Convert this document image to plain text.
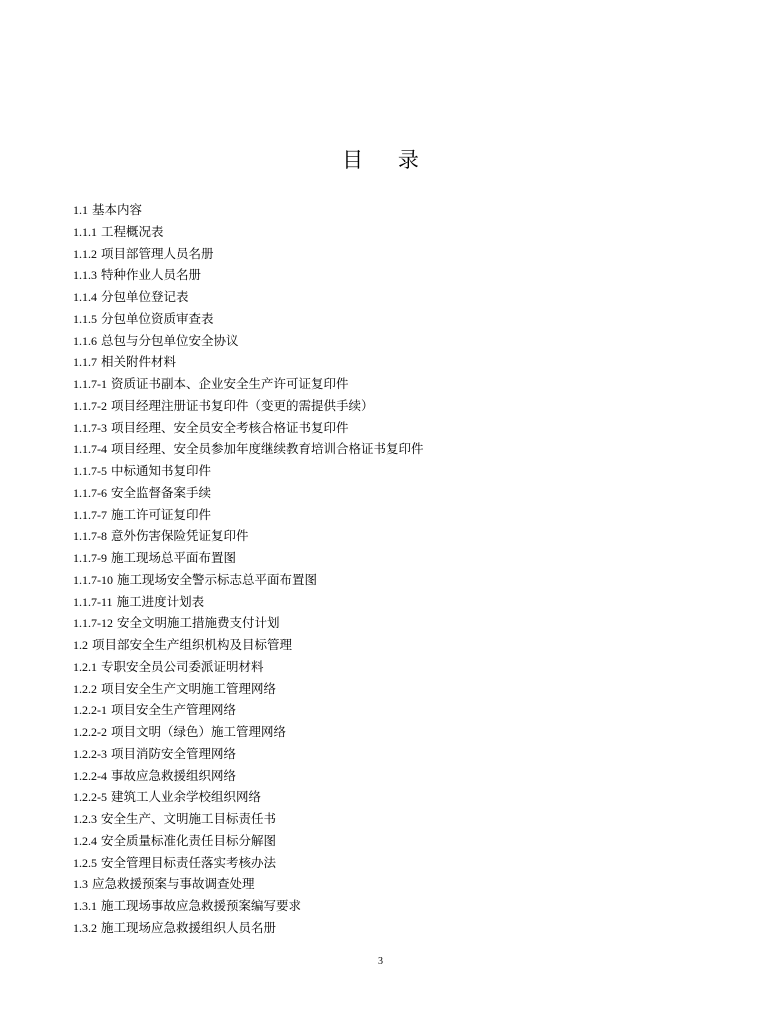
目 录
1.1 基本内容
1.1.1 工程概况表
1.1.2 项目部管理人员名册
1.1.3 特种作业人员名册
1.1.4 分包单位登记表
1.1.5 分包单位资质审查表
1.1.6 总包与分包单位安全协议
1.1.7 相关附件材料
1.1.7-1 资质证书副本、企业安全生产许可证复印件
1.1.7-2 项目经理注册证书复印件（变更的需提供手续）
1.1.7-3 项目经理、安全员安全考核合格证书复印件
1.1.7-4 项目经理、安全员参加年度继续教育培训合格证书复印件
1.1.7-5 中标通知书复印件
1.1.7-6 安全监督备案手续
1.1.7-7 施工许可证复印件
1.1.7-8 意外伤害保险凭证复印件
1.1.7-9 施工现场总平面布置图
1.1.7-10 施工现场安全警示标志总平面布置图
1.1.7-11 施工进度计划表
1.1.7-12 安全文明施工措施费支付计划
1.2 项目部安全生产组织机构及目标管理
1.2.1 专职安全员公司委派证明材料
1.2.2 项目安全生产文明施工管理网络
1.2.2-1 项目安全生产管理网络
1.2.2-2 项目文明（绿色）施工管理网络
1.2.2-3 项目消防安全管理网络
1.2.2-4 事故应急救援组织网络
1.2.2-5 建筑工人业余学校组织网络
1.2.3 安全生产、文明施工目标责任书
1.2.4 安全质量标准化责任目标分解图
1.2.5 安全管理目标责任落实考核办法
1.3 应急救援预案与事故调查处理
1.3.1 施工现场事故应急救援预案编写要求
1.3.2 施工现场应急救援组织人员名册
3
